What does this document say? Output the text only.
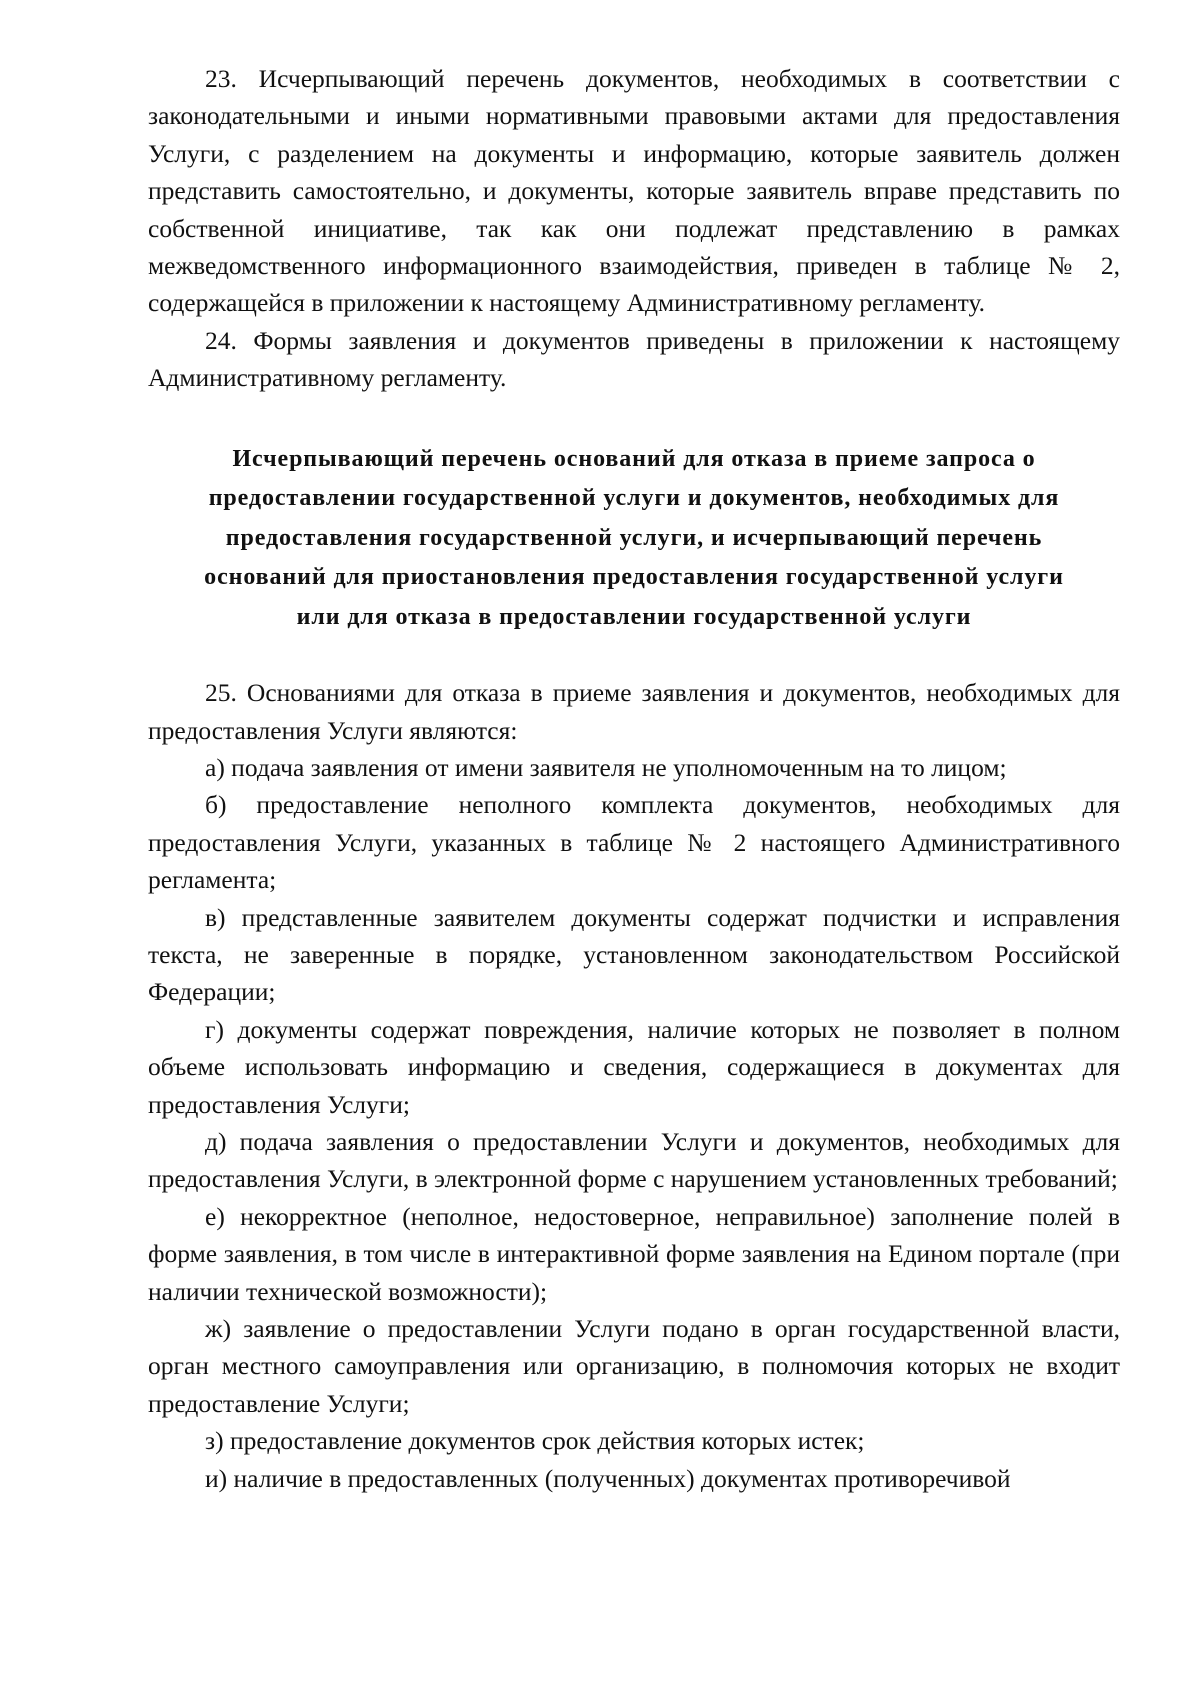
23. Исчерпывающий перечень документов, необходимых в соответствии с законодательными и иными нормативными правовыми актами для предоставления Услуги, с разделением на документы и информацию, которые заявитель должен представить самостоятельно, и документы, которые заявитель вправе представить по собственной инициативе, так как они подлежат представлению в рамках межведомственного информационного взаимодействия, приведен в таблице № 2, содержащейся в приложении к настоящему Административному регламенту.

24. Формы заявления и документов приведены в приложении к настоящему Административному регламенту.

Исчерпывающий перечень оснований для отказа в приеме запроса о
предоставлении государственной услуги и документов, необходимых для
предоставления государственной услуги, и исчерпывающий перечень
оснований для приостановления предоставления государственной услуги
или для отказа в предоставлении государственной услуги

25. Основаниями для отказа в приеме заявления и документов, необходимых для предоставления Услуги являются:

а) подача заявления от имени заявителя не уполномоченным на то лицом;

б) предоставление неполного комплекта документов, необходимых для предоставления Услуги, указанных в таблице № 2 настоящего Административного регламента;

в) представленные заявителем документы содержат подчистки и исправления текста, не заверенные в порядке, установленном законодательством Российской Федерации;

г) документы содержат повреждения, наличие которых не позволяет в полном объеме использовать информацию и сведения, содержащиеся в документах для предоставления Услуги;

д) подача заявления о предоставлении Услуги и документов, необходимых для предоставления Услуги, в электронной форме с нарушением установленных требований;

е) некорректное (неполное, недостоверное, неправильное) заполнение полей в форме заявления, в том числе в интерактивной форме заявления на Едином портале (при наличии технической возможности);

ж) заявление о предоставлении Услуги подано в орган государственной власти, орган местного самоуправления или организацию, в полномочия которых не входит предоставление Услуги;

з) предоставление документов срок действия которых истек;

и) наличие в предоставленных (полученных) документах противоречивой
